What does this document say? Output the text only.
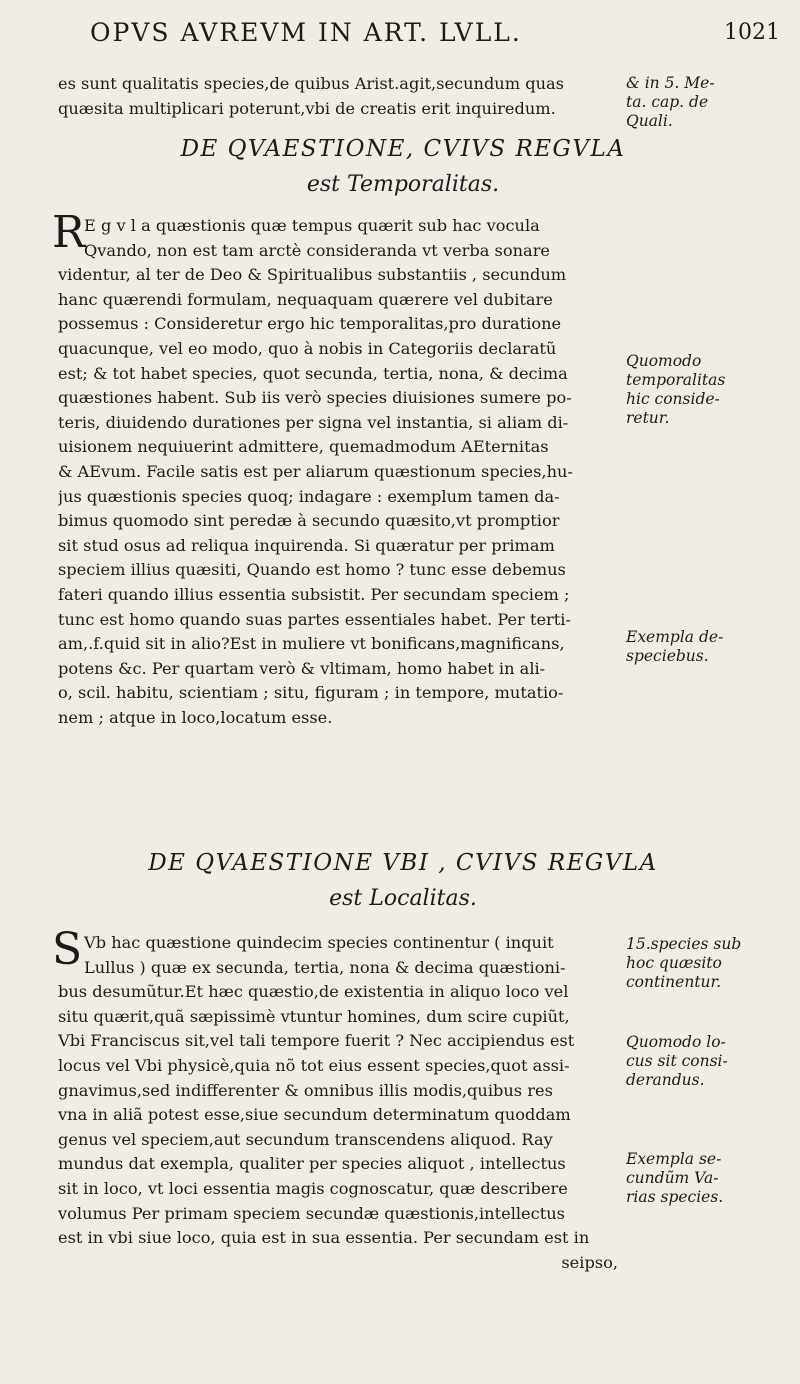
OPVS AVREVM IN ART. LVLL.	1021
es sunt qualitatis species,de quibus Arist.agit,secundum quas
quæsita multiplicari poterunt,vbi de creatis erit inquiredum.
& in 5. Me-
ta. cap. de
Quali.
DE QVAESTIONE, CVIVS REGVLA
est Temporalitas.
R
E g v l a quæstionis quæ tempus quærit sub hac vocula
Qvando, non est tam arctè consideranda vt verba sonare
videntur, al ter de Deo & Spiritualibus substantiis , secundum
hanc quærendi formulam, nequaquam quærere vel dubitare
possemus : Consideretur ergo hic temporalitas,pro duratione
quacunque, vel eo modo, quo à nobis in Categoriis declaratũ
est; & tot habet species, quot secunda, tertia, nona, & decima
quæstiones habent. Sub iis verò species diuisiones sumere po-
teris, diuidendo durationes per signa vel instantia, si aliam di-
uisionem nequiuerint admittere, quemadmodum AEternitas
& AEvum. Facile satis est per aliarum quæstionum species,hu-
jus quæstionis species quoq; indagare : exemplum tamen da-
bimus quomodo sint peredæ à secundo quæsito,vt promptior
sit stud osus ad reliqua inquirenda. Si quæratur per primam
speciem illius quæsiti, Quando est homo ? tunc esse debemus
fateri quando illius essentia subsistit. Per secundam speciem ;
tunc est homo quando suas partes essentiales habet. Per terti-
am,.f.quid sit in alio?Est in muliere vt bonificans,magnificans,
potens &c. Per quartam verò & vltimam, homo habet in ali-
o, scil. habitu, scientiam ; situ, figuram ; in tempore, mutatio-
nem ; atque in loco,locatum esse.
Quomodo
temporalitas
hic conside-
retur.
Exempla de-
speciebus.
DE QVAESTIONE VBI , CVIVS REGVLA
est Localitas.
S Vb hac quæstione quindecim species continentur ( inquit
Lullus ) quæ ex secunda, tertia, nona & decima quæstioni-
bus desumũtur.Et hæc quæstio,de existentia in aliquo loco vel
situ quærit,quã sæpissimè vtuntur homines, dum scire cupiũt,
Vbi Franciscus sit,vel tali tempore fuerit ? Nec accipiendus est
locus vel Vbi physicè,quia nõ tot eius essent species,quot assi-
gnavimus,sed indifferenter & omnibus illis modis,quibus res
vna in aliã potest esse,siue secundum determinatum quoddam
genus vel speciem,aut secundum transcendens aliquod. Ray
mundus dat exempla, qualiter per species aliquot , intellectus
sit in loco, vt loci essentia magis cognoscatur, quæ describere
volumus Per primam speciem secundæ quæstionis,intellectus
est in vbi siue loco, quia est in sua essentia. Per secundam est in
seipso,
15.species sub
hoc quæsito
continentur.
Quomodo lo-
cus sit consi-
derandus.
Exempla se-
cundũm Va-
rias species.
